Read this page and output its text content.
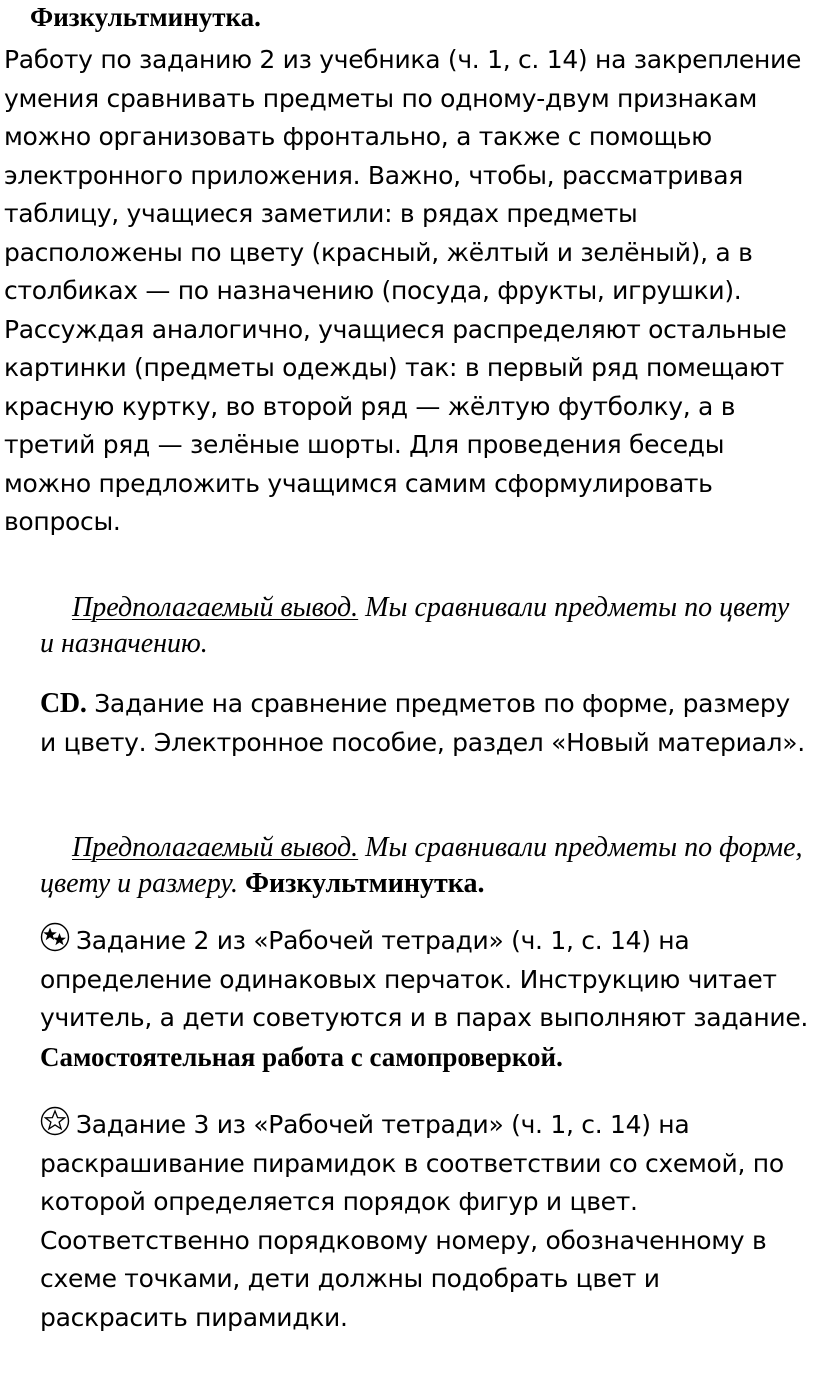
Физкультминутка.

Работу по заданию 2 из учебника (ч. 1, с. 14) на закрепление умения сравнивать предметы по одному-двум признакам можно организовать фронтально, а также с помощью электронного приложения. Важно, чтобы, рассматривая таблицу, учащиеся заметили: в рядах предметы расположены по цвету (красный, жёлтый и зелёный), а в столбиках — по назначению (посуда, фрукты, игрушки). Рассуждая аналогично, учащиеся распределяют остальные картинки (предметы одежды) так: в первый ряд помещают красную куртку, во второй ряд — жёлтую футболку, а в третий ряд — зелёные шорты. Для проведения беседы можно предложить учащимся самим сформулировать вопросы.

Предполагаемый вывод. Мы сравнивали предметы по цвету и назначению.

CD. Задание на сравнение предметов по форме, размеру и цвету. Электронное пособие, раздел «Новый материал».

Предполагаемый вывод. Мы сравнивали предметы по форме, цвету и размеру. Физкультминутка.

Задание 2 из «Рабочей тетради» (ч. 1, с. 14) на определение одинаковых перчаток. Инструкцию читает учитель, а дети советуются и в парах выполняют задание.
Самостоятельная работа с самопроверкой.

Задание 3 из «Рабочей тетради» (ч. 1, с. 14) на раскрашивание пирамидок в соответствии со схемой, по которой определяется порядок фигур и цвет. Соответственно порядковому номеру, обозначенному в схеме точками, дети должны подобрать цвет и раскрасить пирамидки.
